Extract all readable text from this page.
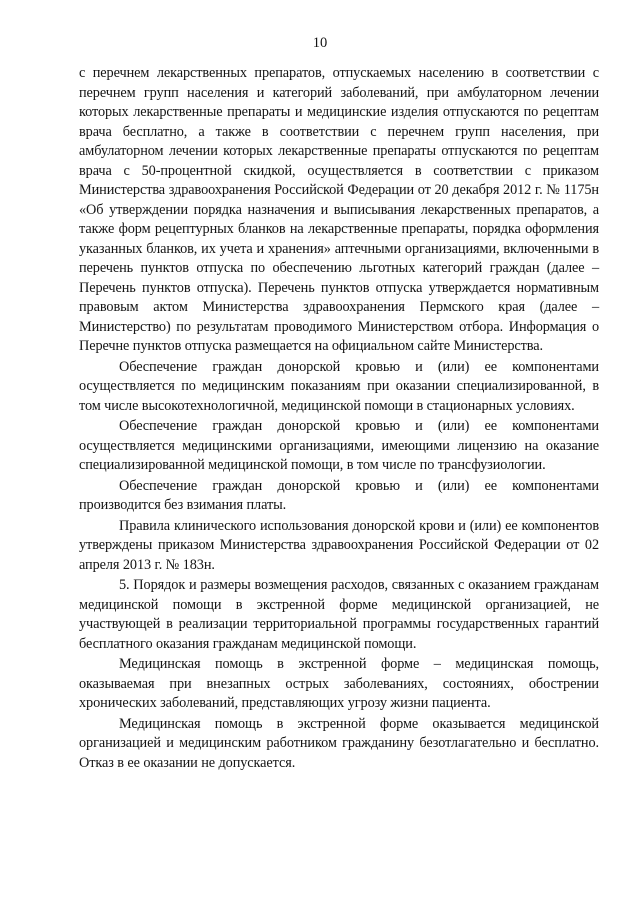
10

с перечнем лекарственных препаратов, отпускаемых населению в соответствии с перечнем групп населения и категорий заболеваний, при амбулаторном лечении которых лекарственные препараты и медицинские изделия отпускаются по рецептам врача бесплатно, а также в соответствии с перечнем групп населения, при амбулаторном лечении которых лекарственные препараты отпускаются по рецептам врача с 50-процентной скидкой, осуществляется в соответствии с приказом Министерства здравоохранения Российской Федерации от 20 декабря 2012 г. № 1175н «Об утверждении порядка назначения и выписывания лекарственных препаратов, а также форм рецептурных бланков на лекарственные препараты, порядка оформления указанных бланков, их учета и хранения» аптечными организациями, включенными в перечень пунктов отпуска по обеспечению льготных категорий граждан (далее – Перечень пунктов отпуска). Перечень пунктов отпуска утверждается нормативным правовым актом Министерства здравоохранения Пермского края (далее – Министерство) по результатам проводимого Министерством отбора. Информация о Перечне пунктов отпуска размещается на официальном сайте Министерства.

Обеспечение граждан донорской кровью и (или) ее компонентами осуществляется по медицинским показаниям при оказании специализированной, в том числе высокотехнологичной, медицинской помощи в стационарных условиях.

Обеспечение граждан донорской кровью и (или) ее компонентами осуществляется медицинскими организациями, имеющими лицензию на оказание специализированной медицинской помощи, в том числе по трансфузиологии.

Обеспечение граждан донорской кровью и (или) ее компонентами производится без взимания платы.

Правила клинического использования донорской крови и (или) ее компонентов утверждены приказом Министерства здравоохранения Российской Федерации от 02 апреля 2013 г. № 183н.

5. Порядок и размеры возмещения расходов, связанных с оказанием гражданам медицинской помощи в экстренной форме медицинской организацией, не участвующей в реализации территориальной программы государственных гарантий бесплатного оказания гражданам медицинской помощи.

Медицинская помощь в экстренной форме – медицинская помощь, оказываемая при внезапных острых заболеваниях, состояниях, обострении хронических заболеваний, представляющих угрозу жизни пациента.

Медицинская помощь в экстренной форме оказывается медицинской организацией и медицинским работником гражданину безотлагательно и бесплатно. Отказ в ее оказании не допускается.
